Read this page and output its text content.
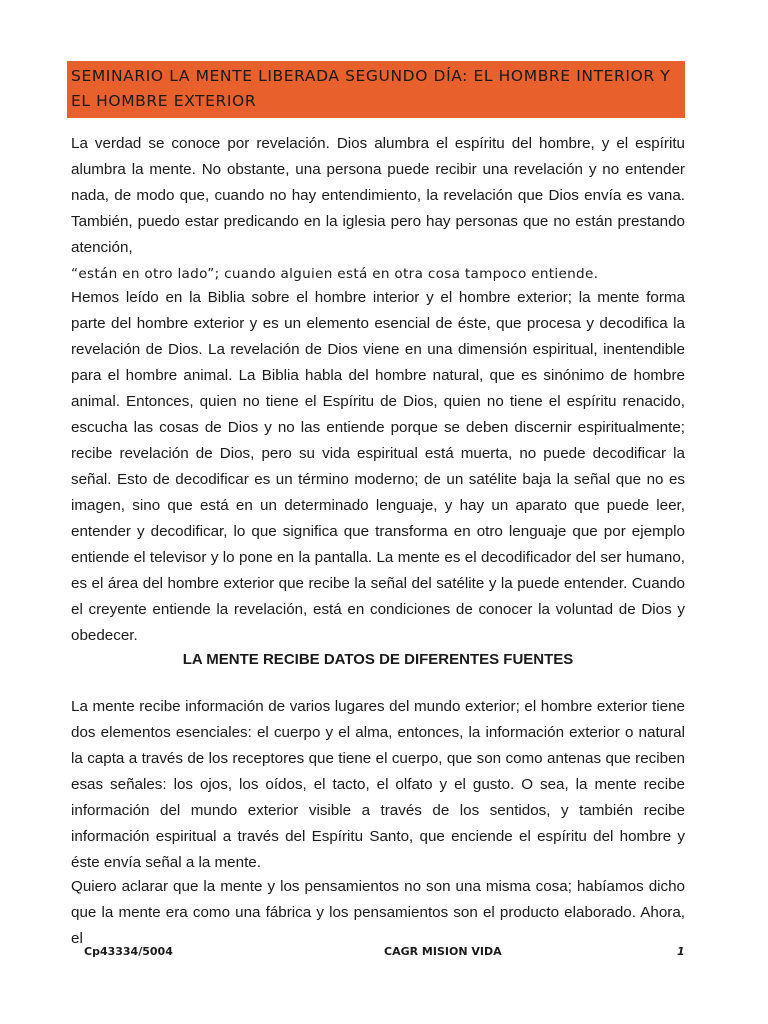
SEMINARIO LA MENTE LIBERADA SEGUNDO DÍA: EL HOMBRE INTERIOR Y EL HOMBRE EXTERIOR

La verdad se conoce por revelación. Dios alumbra el espíritu del hombre, y el espíritu alumbra la mente. No obstante, una persona puede recibir una revelación y no entender nada, de modo que, cuando no hay entendimiento, la revelación que Dios envía es vana. También, puedo estar predicando en la iglesia pero hay personas que no están prestando atención,
“están en otro lado”; cuando alguien está en otra cosa tampoco entiende.

Hemos leído en la Biblia sobre el hombre interior y el hombre exterior; la mente forma parte del hombre exterior y es un elemento esencial de éste, que procesa y decodifica la revelación de Dios. La revelación de Dios viene en una dimensión espiritual, inentendible para el hombre animal. La Biblia habla del hombre natural, que es sinónimo de hombre animal. Entonces, quien no tiene el Espíritu de Dios, quien no tiene el espíritu renacido, escucha las cosas de Dios y no las entiende porque se deben discernir espiritualmente; recibe revelación de Dios, pero su vida espiritual está muerta, no puede decodificar la señal. Esto de decodificar es un término moderno; de un satélite baja la señal que no es imagen, sino que está en un determinado lenguaje, y hay un aparato que puede leer, entender y decodificar, lo que significa que transforma en otro lenguaje que por ejemplo entiende el televisor y lo pone en la pantalla. La mente es el decodificador del ser humano, es el área del hombre exterior que recibe la señal del satélite y la puede entender. Cuando el creyente entiende la revelación, está en condiciones de conocer la voluntad de Dios y obedecer.

LA MENTE RECIBE DATOS DE DIFERENTES FUENTES

La mente recibe información de varios lugares del mundo exterior; el hombre exterior tiene dos elementos esenciales: el cuerpo y el alma, entonces, la información exterior o natural la capta a través de los receptores que tiene el cuerpo, que son como antenas que reciben esas señales: los ojos, los oídos, el tacto, el olfato y el gusto. O sea, la mente recibe información del mundo exterior visible a través de los sentidos, y también recibe información espiritual a través del Espíritu Santo, que enciende el espíritu del hombre y éste envía señal a la mente.

Quiero aclarar que la mente y los pensamientos no son una misma cosa; habíamos dicho que la mente era como una fábrica y los pensamientos son el producto elaborado. Ahora, el

Cp43334/5004	CAGR MISION VIDA	1
